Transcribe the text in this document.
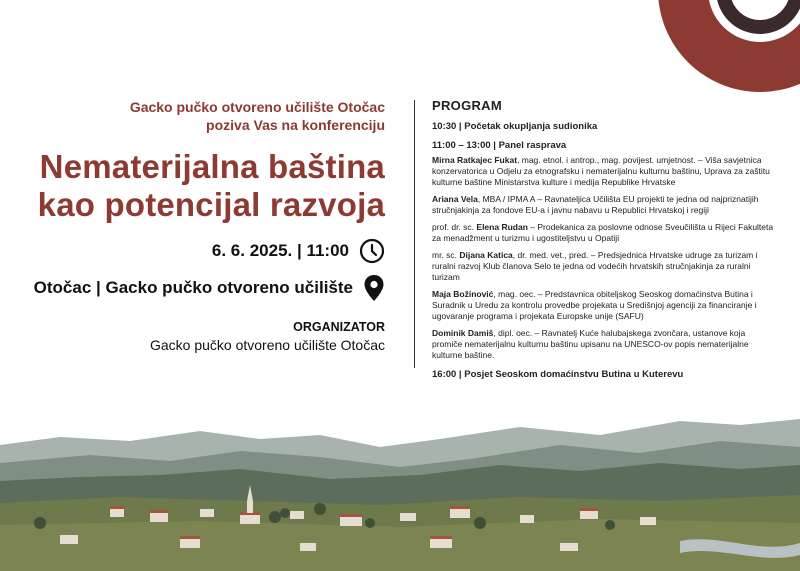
Gacko pučko otvoreno učilište Otočac

poziva Vas na konferenciju

Nematerijalna baština
kao potencijal razvoja
6. 6. 2025. | 11:00
Otočac | Gacko pučko otvoreno učilište
ORGANIZATOR
Gacko pučko otvoreno učilište Otočac

PROGRAM

10:30 | Početak okupljanja sudionika

11:00 – 13:00 | Panel rasprava

Mirna Ratkajec Fukat, mag. etnol. i antrop., mag. povijest. umjetnost. – Viša savjetnica konzervatorica u Odjelu za etnografsku i nematerijalnu kulturnu baštinu, Uprava za zaštitu kulturne baštine Ministarstva kulture i medija Republike Hrvatske

Ariana Vela, MBA / IPMA A – Ravnateljica Učilišta EU projekti te jedna od najpriznatijih stručnjakinja za fondove EU-a i javnu nabavu u Republici Hrvatskoj i regiji

prof. dr. sc. Elena Rudan – Prodekanica za poslovne odnose Sveučilišta u Rijeci Fakulteta za menadžment u turizmu i ugostiteljstvu u Opatiji

mr. sc. Dijana Katica, dr. med. vet., pred. – Predsjednica Hrvatske udruge za turizam i ruralni razvoj Klub članova Selo te jedna od vodećih hrvatskih stručnjakinja za ruralni turizam

Maja Božinović, mag. oec. – Predstavnica obiteljskog Seoskog domaćinstva Butina i Suradnik u Uredu za kontrolu provedbe projekata u Središnjoj agenciji za financiranje i ugovaranje programa i projekata Europske unije (SAFU)

Dominik Damiš, dipl. oec. – Ravnatelj Kuće halubajskega zvončara, ustanove koja promiče nematerijalnu kulturnu baštinu upisanu na UNESCO-ov popis nematerijalne kulturne baštine.

16:00 | Posjet Seoskom domaćinstvu Butina u Kuterevu
